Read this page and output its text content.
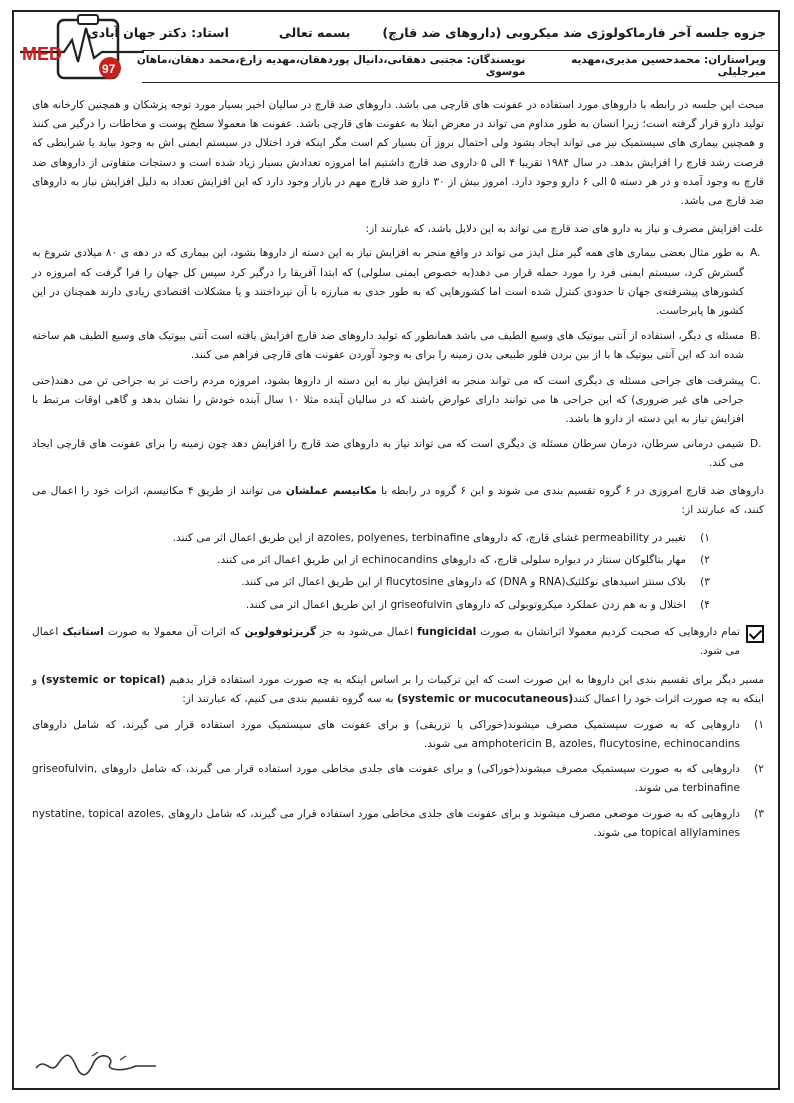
MED
97
جزوه جلسه آخر فارماکولوژی ضد میکروبی (داروهای ضد قارچ)
بسمه تعالی
استاد: دکتر جهان آبادی
ویراستاران: محمدحسین مدیری،مهدیه میرجلیلی
نویسندگان: مجتبی دهقانی،دانیال پوردهقان،مهدیه زارع،محمد دهقان،ماهان موسوی

مبحث این جلسه در رابطه با داروهای مورد استفاده در عفونت های قارچی می باشد. داروهای ضد قارچ در سالیان اخیر بسیار مورد توجه پزشکان و همچنین کارخانه های تولید دارو قرار گرفته است؛ زیرا انسان به طور مداوم می تواند در معرض ابتلا به عفونت های قارچی باشد. عفونت ها معمولا سطح پوست و مخاطات را درگیر می کنند و همچنین بیماری های سیستمیک نیز می تواند ایجاد بشود ولی احتمال بروز آن بسیار کم است مگر اینکه فرد اختلال در سیستم ایمنی اش به وجود بیاید یا شرایطی که فرصت رشد قارچ را افزایش بدهد. در سال ۱۹۸۴ تقریبا ۴ الی ۵ داروی ضد قارچ داشتیم اما امروزه تعدادش بسیار زیاد شده است و دستجات متفاوتی از داروهای ضد قارچ به وجود آمده و در هر دسته ۵ الی ۶ دارو وجود دارد. امروز بیش از ۳۰ دارو ضد قارچ مهم در بازار وجود دارد که این افزایش تعداد به دلیل افزایش نیاز به داروهای ضد قارچ می باشد.

علت افزایش مصرف و نیاز به دارو های ضد قارچ می تواند به این دلایل باشد، که عبارتند از:

A.
به طور مثال بعضی بیماری های همه گیر مثل ایدز می تواند در واقع منجر به افزایش نیاز به این دسته از داروها بشود، این بیماری که در دهه ی ۸۰ میلادی شروع به گسترش کرد، سیستم ایمنی فرد را مورد حمله قرار می دهد(به خصوص ایمنی سلولی) که ابتدا آفریقا را درگیر کرد سپس کل جهان را فرا گرفت که امروزه در کشورهای پیشرفته‌ی جهان تا حدودی کنترل شده است اما کشورهایی که به طور جدی به مبارزه با آن نپرداختند و یا مشکلات اقتصادی زیادی دارند همچنان در این کشور ها پابرجاست.
B.
مسئله ی دیگر، استفاده از آنتی بیوتیک های وسیع الطیف می باشد همانطور که تولید داروهای ضد قارچ افزایش یافته است آنتی بیوتیک های وسیع الطیف هم ساخته شده اند که این آنتی بیوتیک ها با از بین بردن فلور طبیعی بدن زمینه را برای به وجود آوردن عفونت های قارچی فراهم می کنند.
C.
پیشرفت های جراحی مسئله ی دیگری است که می تواند منجر به افزایش نیاز به این دسته از داروها بشود، امروزه مردم راحت تر به جراحی تن می دهند(حتی جراحی های غیر ضروری) که این جراحی ها می توانند دارای عوارض باشند که در سالیان آینده مثلا ۱۰ سال آینده خودش را نشان بدهد و گاهی اوقات مرتبط با افزایش نیاز به این دسته از دارو ها باشد.
D.
شیمی درمانی سرطان، درمان سرطان مسئله ی دیگری است که می تواند نیاز به داروهای ضد قارچ را افزایش دهد چون زمینه را برای عفونت های قارچی ایجاد می کند.

داروهای ضد قارچ امروزی در ۶ گروه تقسیم بندی می شوند و این ۶ گروه در رابطه با مکانیسم عملشان می توانند از طریق ۴ مکانیسم، اثرات خود را اعمال می کنند، که عبارتند از:

۱)
تغییر در permeability غشای قارچ، که داروهای azoles, polyenes, terbinafine از این طریق اعمال اثر می کنند.
۲)
مهار بتاگلوکان سنتاز در دیواره سلولی قارچ، که داروهای echinocandins از این طریق اعمال اثر می کنند.
۳)
بلاک سنتز اسیدهای نوکلئیک(RNA و DNA) که داروهای flucytosine از این طریق اعمال اثر می کنند.
۴)
اختلال و به هم زدن عملکرد میکروتوبولی که داروهای griseofulvin از این طریق اعمال اثر می کنند.
تمام داروهایی که صحبت کردیم معمولا اثراتشان به صورت fungicidal اعمال می‌شود به جز گریزئوفولوین که اثرات آن معمولا به صورت استاتیک اعمال می شود.

مسیر دیگر برای تقسیم بندی این داروها به این صورت است که این ترکیبات را بر اساس اینکه به چه صورت مورد استفاده قرار بدهیم (systemic or topical) و اینکه به چه صورت اثرات خود را اعمال کنند(systemic or mucocutaneous) به سه گروه تقسیم بندی می کنیم، که عبارتند از:

۱)
داروهایی که به صورت سیستمیک مصرف میشوند(خوراکی یا تزریقی) و برای عفونت های سیستمیک مورد استفاده قرار می گیرند، که شامل داروهای amphotericin B, azoles, flucytosine, echinocandins می شوند.
۲)
داروهایی که به صورت سیستمیک مصرف میشوند(خوراکی) و برای عفونت های جلدی مخاطی مورد استفاده قرار می گیرند، که شامل داروهای griseofulvin, terbinafine می شوند.
۳)
داروهایی که به صورت موضعی مصرف میشوند و برای عفونت های جلدی مخاطی مورد استفاده قرار می گیرند، که شامل داروهای nystatine, topical azoles, topical allylamines می شوند.
